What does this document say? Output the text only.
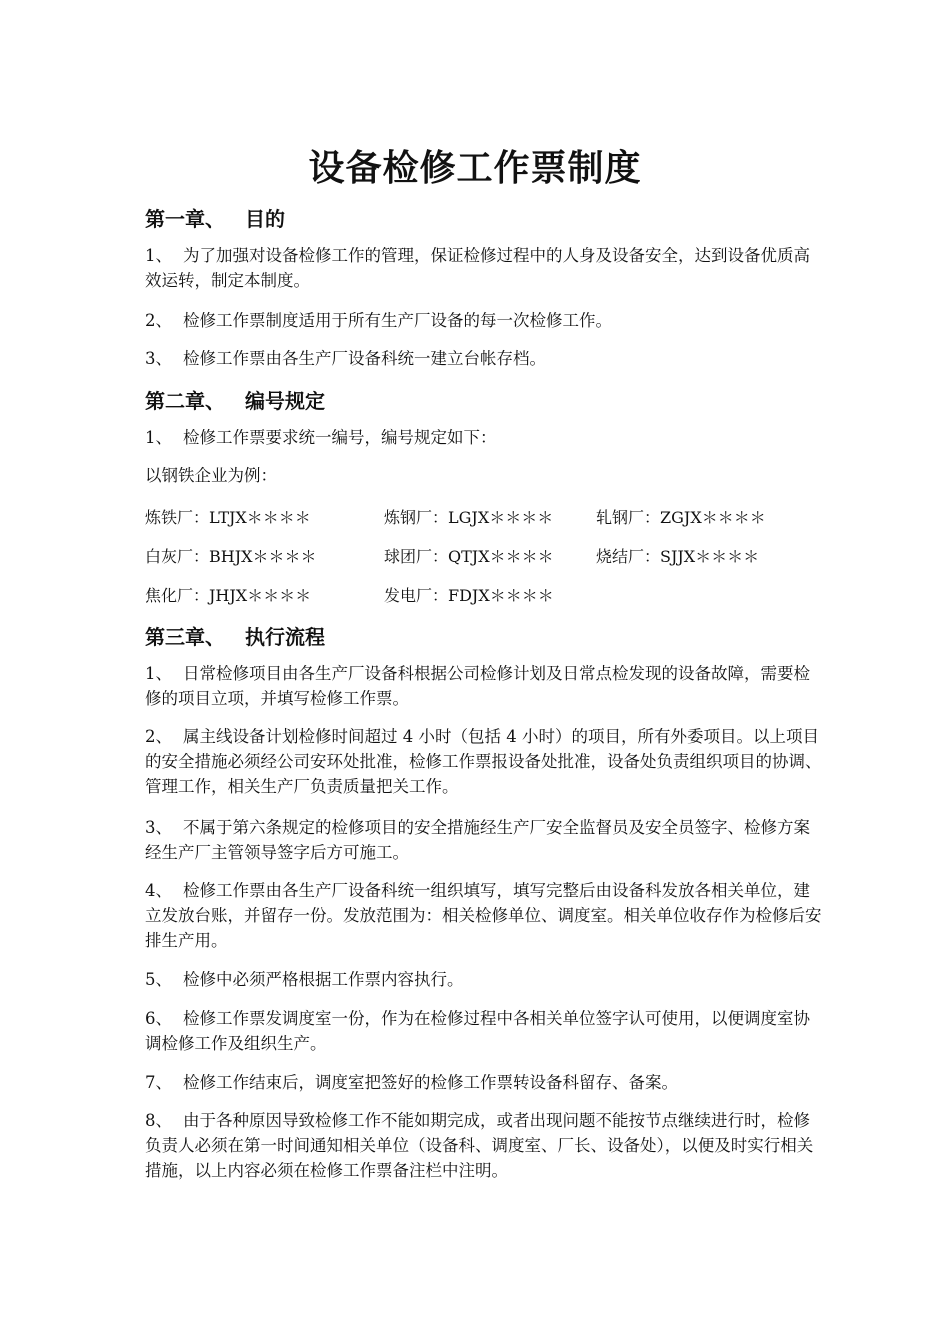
设备检修工作票制度
第一章、 目的
1、 为了加强对设备检修工作的管理，保证检修过程中的人身及设备安全，达到设备优质高效运转，制定本制度。
2、 检修工作票制度适用于所有生产厂设备的每一次检修工作。
3、 检修工作票由各生产厂设备科统一建立台帐存档。
第二章、 编号规定
1、 检修工作票要求统一编号，编号规定如下：
以钢铁企业为例：
炼铁厂：LTJX＊＊＊＊	炼钢厂：LGJX＊＊＊＊	轧钢厂：ZGJX＊＊＊＊
白灰厂：BHJX＊＊＊＊	球团厂：QTJX＊＊＊＊	烧结厂：SJJX＊＊＊＊
焦化厂：JHJX＊＊＊＊	发电厂：FDJX＊＊＊＊
第三章、 执行流程
1、 日常检修项目由各生产厂设备科根据公司检修计划及日常点检发现的设备故障，需要检修的项目立项，并填写检修工作票。
2、 属主线设备计划检修时间超过 4 小时（包括 4 小时）的项目，所有外委项目。以上项目的安全措施必须经公司安环处批准，检修工作票报设备处批准，设备处负责组织项目的协调、管理工作，相关生产厂负责质量把关工作。
3、 不属于第六条规定的检修项目的安全措施经生产厂安全监督员及安全员签字、检修方案经生产厂主管领导签字后方可施工。
4、 检修工作票由各生产厂设备科统一组织填写，填写完整后由设备科发放各相关单位，建立发放台账，并留存一份。发放范围为：相关检修单位、调度室。相关单位收存作为检修后安排生产用。
5、 检修中必须严格根据工作票内容执行。
6、 检修工作票发调度室一份，作为在检修过程中各相关单位签字认可使用，以便调度室协调检修工作及组织生产。
7、 检修工作结束后，调度室把签好的检修工作票转设备科留存、备案。
8、 由于各种原因导致检修工作不能如期完成，或者出现问题不能按节点继续进行时，检修负责人必须在第一时间通知相关单位（设备科、调度室、厂长、设备处），以便及时实行相关措施，以上内容必须在检修工作票备注栏中注明。
